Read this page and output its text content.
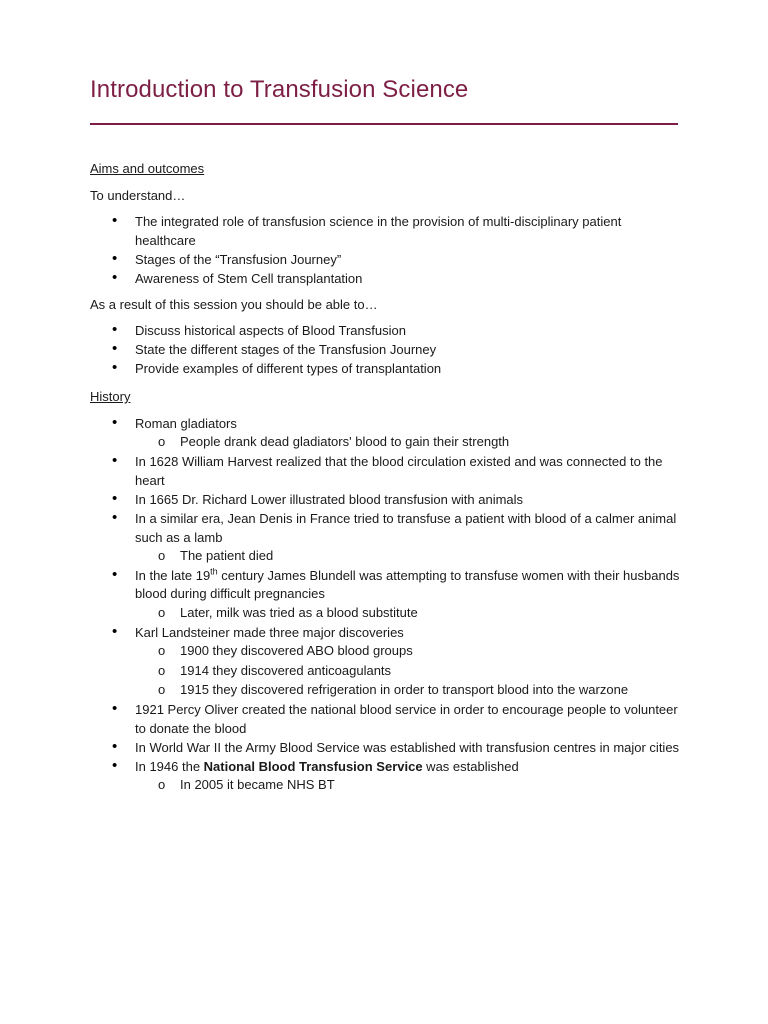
Introduction to Transfusion Science
Aims and outcomes
To understand…
• The integrated role of transfusion science in the provision of multi-disciplinary patient
healthcare
• Stages of the “Transfusion Journey”
• Awareness of Stem Cell transplantation
As a result of this session you should be able to…
• Discuss historical aspects of Blood Transfusion
• State the different stages of the Transfusion Journey
• Provide examples of different types of transplantation
History
• Roman gladiators
o People drank dead gladiators' blood to gain their strength
• In 1628 William Harvest realized that the blood circulation existed and was connected to the
heart
• In 1665 Dr. Richard Lower illustrated blood transfusion with animals
• In a similar era, Jean Denis in France tried to transfuse a patient with blood of a calmer animal
such as a lamb
o The patient died
• In the late 19th century James Blundell was attempting to transfuse women with their husbands
blood during difficult pregnancies
o Later, milk was tried as a blood substitute
• Karl Landsteiner made three major discoveries
o 1900 they discovered ABO blood groups
o 1914 they discovered anticoagulants
o 1915 they discovered refrigeration in order to transport blood into the warzone
• 1921 Percy Oliver created the national blood service in order to encourage people to volunteer
to donate the blood
• In World War II the Army Blood Service was established with transfusion centres in major cities
• In 1946 the National Blood Transfusion Service was established
o In 2005 it became NHS BT
